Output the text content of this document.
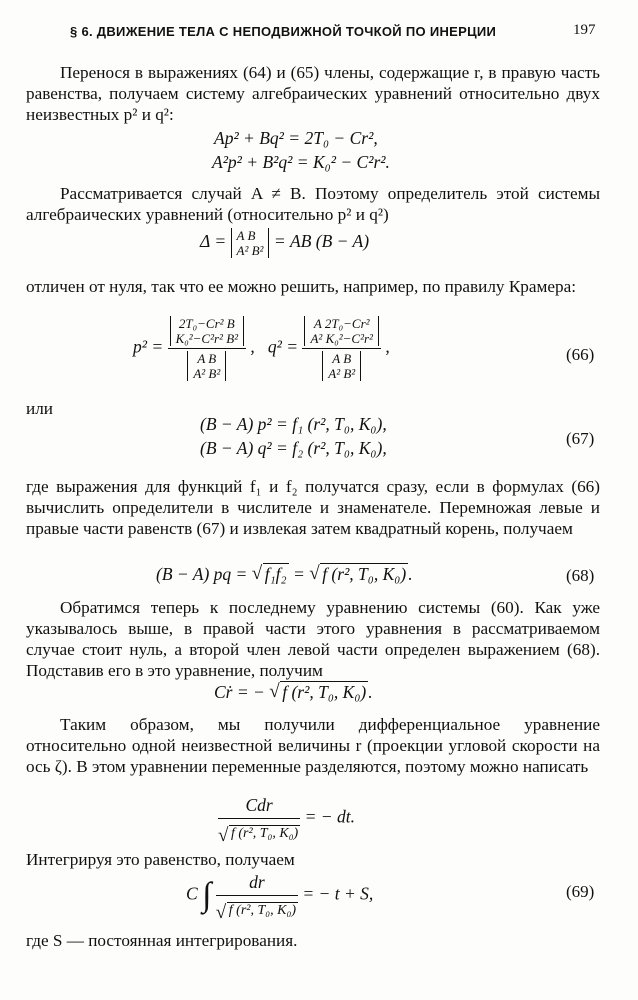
§ 6. ДВИЖЕНИЕ ТЕЛА С НЕПОДВИЖНОЙ ТОЧКОЙ ПО ИНЕРЦИИ	197
Перенося в выражениях (64) и (65) члены, содержащие r, в правую часть равенства, получаем систему алгебраических уравнений относительно двух неизвестных p² и q²:
Ap² + Bq² = 2T₀ − Cr²,
A²p² + B²q² = K₀² − C²r².
Рассматривается случай A ≠ B. Поэтому определитель этой системы алгебраических уравнений (относительно p² и q²)
Δ = A B
A² B² = AB (B − A)
отличен от нуля, так что ее можно решить, например, по правилу Крамера:
p² = 2T₀−Cr² B
K₀²−C²r² B²
A B
A² B² , q² = A 2T₀−Cr²
A² K₀²−C²r²
A B
A² B² ,	(66)
или
(B − A) p² = f₁ (r², T₀, K₀),
(B − A) q² = f₂ (r², T₀, K₀),	(67)
где выражения для функций f₁ и f₂ получатся сразу, если в формулах (66) вычислить определители в числителе и знаменателе. Перемножая левые и правые части равенств (67) и извлекая затем квадратный корень, получаем
(B − A) pq = √ f₁f₂ = √ f (r², T₀, K₀) .	(68)
Обратимся теперь к последнему уравнению системы (60). Как уже указывалось выше, в правой части этого уравнения в рассматриваемом случае стоит нуль, а второй член левой части определен выражением (68). Подставив его в это уравнение, получим
Cṙ = − √ f (r², T₀, K₀) .
Таким образом, мы получили дифференциальное уравнение относительно одной неизвестной величины r (проекции угловой скорости на ось ζ). В этом уравнении переменные разделяются, поэтому можно написать
Cdr
√ f (r², T₀, K₀) = − dt.
Интегрируя это равенство, получаем
C ∫ dr
√ f (r², T₀, K₀) = − t + S,	(69)
где S — постоянная интегрирования.
